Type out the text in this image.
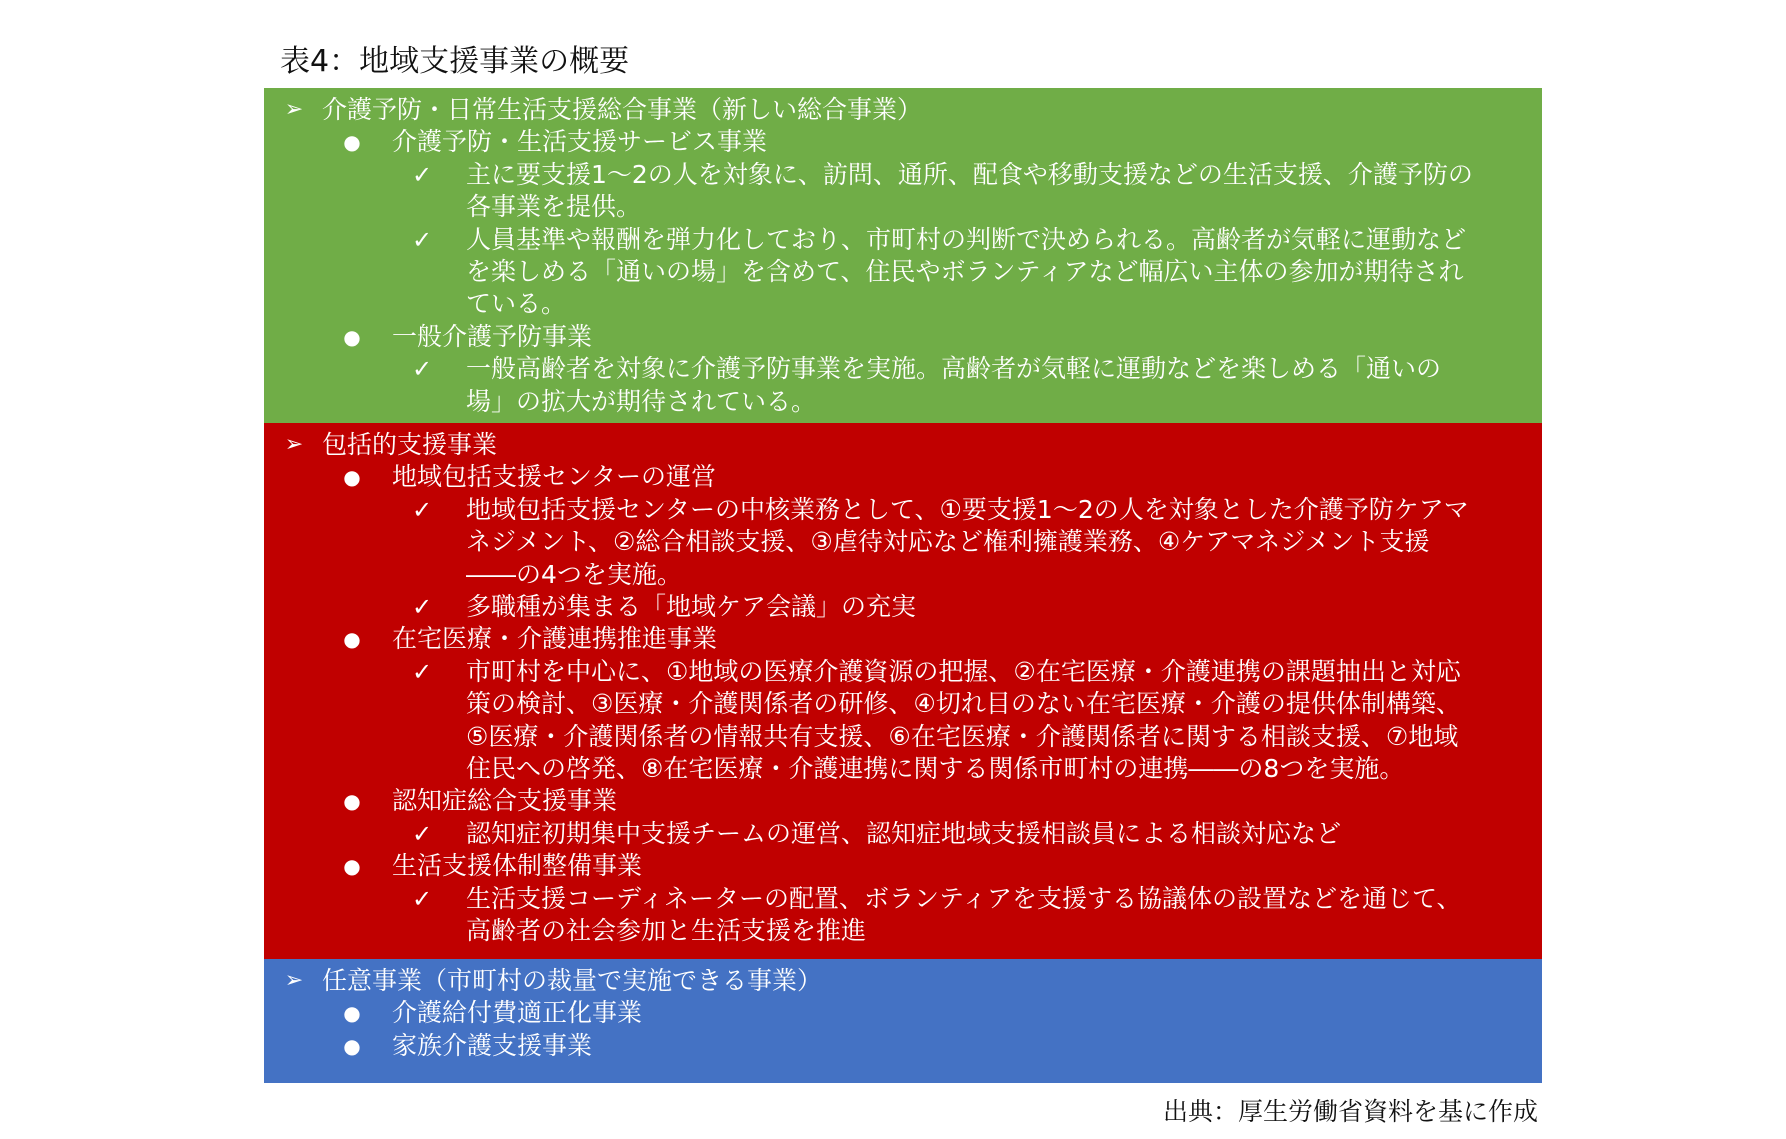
表4：地域支援事業の概要
➢ 介護予防・日常生活支援総合事業（新しい総合事業）
●	介護予防・生活支援サービス事業
✓ 主に要支援1～2の人を対象に、訪問、通所、配食や移動支援などの生活支援、介護予防の
各事業を提供。
✓ 人員基準や報酬を弾力化しており、市町村の判断で決められる。高齢者が気軽に運動など
を楽しめる「通いの場」を含めて、住民やボランティアなど幅広い主体の参加が期待され
ている。
●	一般介護予防事業
✓ 一般高齢者を対象に介護予防事業を実施。高齢者が気軽に運動などを楽しめる「通いの
場」の拡大が期待されている。
➢ 包括的支援事業
●	地域包括支援センターの運営
✓ 地域包括支援センターの中核業務として、①要支援1～2の人を対象とした介護予防ケアマ
ネジメント、②総合相談支援、③虐待対応など権利擁護業務、④ケアマネジメント支援
――の4つを実施。
✓ 多職種が集まる「地域ケア会議」の充実
●	在宅医療・介護連携推進事業
✓ 市町村を中心に、①地域の医療介護資源の把握、②在宅医療・介護連携の課題抽出と対応
策の検討、③医療・介護関係者の研修、④切れ目のない在宅医療・介護の提供体制構築、
⑤医療・介護関係者の情報共有支援、⑥在宅医療・介護関係者に関する相談支援、⑦地域
住民への啓発、⑧在宅医療・介護連携に関する関係市町村の連携――の8つを実施。
●	認知症総合支援事業
✓ 認知症初期集中支援チームの運営、認知症地域支援相談員による相談対応など
●	生活支援体制整備事業
✓ 生活支援コーディネーターの配置、ボランティアを支援する協議体の設置などを通じて、
高齢者の社会参加と生活支援を推進
➢ 任意事業（市町村の裁量で実施できる事業）
●	介護給付費適正化事業
●	家族介護支援事業
出典：厚生労働省資料を基に作成
